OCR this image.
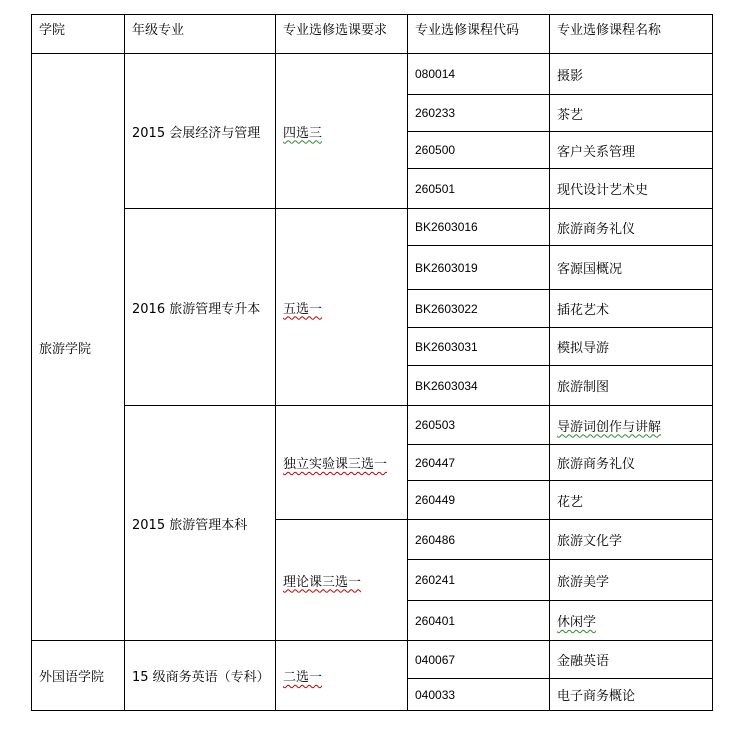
学院	年级专业	专业选修选课要求	专业选修课程代码	专业选修课程名称
旅游学院	2015 会展经济与管理	四选三	080014	摄影
			260233	茶艺
			260500	客户关系管理
			260501	现代设计艺术史
	2016 旅游管理专升本	五选一	BK2603016	旅游商务礼仪
			BK2603019	客源国概况
			BK2603022	插花艺术
			BK2603031	模拟导游
			BK2603034	旅游制图
	2015 旅游管理本科	独立实验课三选一	260503	导游词创作与讲解
			260447	旅游商务礼仪
			260449	花艺
		理论课三选一	260486	旅游文化学
			260241	旅游美学
			260401	休闲学
外国语学院	15 级商务英语（专科）	二选一	040067	金融英语
			040033	电子商务概论
